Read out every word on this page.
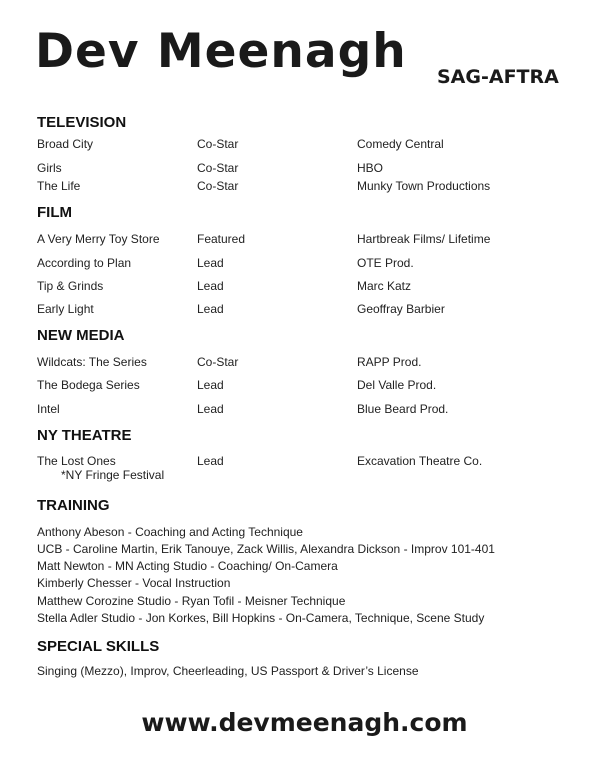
Dev Meenagh SAG-AFTRA
TELEVISION
Broad City	Co-Star	Comedy Central
Girls	Co-Star	HBO
The Life	Co-Star	Munky Town Productions
FILM
A Very Merry Toy Store	Featured	Hartbreak Films/ Lifetime
According to Plan	Lead	OTE Prod.
Tip & Grinds	Lead	Marc Katz
Early Light	Lead	Geoffray Barbier
NEW MEDIA
Wildcats: The Series	Co-Star	RAPP Prod.
The Bodega Series	Lead	Del Valle Prod.
Intel	Lead	Blue Beard Prod.
NY THEATRE
The Lost Ones	Lead	Excavation Theatre Co.
*NY Fringe Festival
TRAINING
Anthony Abeson - Coaching and Acting Technique
UCB - Caroline Martin, Erik Tanouye, Zack Willis, Alexandra Dickson - Improv 101-401
Matt Newton - MN Acting Studio - Coaching/ On-Camera
Kimberly Chesser - Vocal Instruction
Matthew Corozine Studio - Ryan Tofil - Meisner Technique
Stella Adler Studio - Jon Korkes, Bill Hopkins - On-Camera, Technique, Scene Study
SPECIAL SKILLS
Singing (Mezzo), Improv, Cheerleading, US Passport & Driver’s License
www.devmeenagh.com
